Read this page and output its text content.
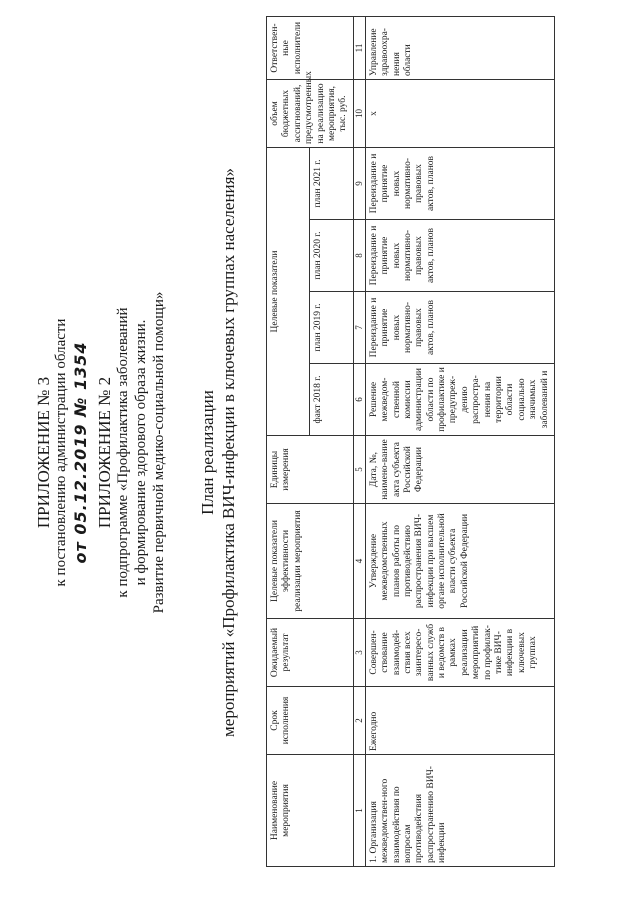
ПРИЛОЖЕНИЕ № 3 к постановлению администрации области от 05.12.2019 № 1354 ПРИЛОЖЕНИЕ № 2 к подпрограмме «Профилактика заболеваний и формирование здорового образа жизни. Развитие первичной медико-социальной помощи» План реализации мероприятий «Профилактика ВИЧ-инфекции в ключевых группах населения»
Наименование мероприятия	Срок исполнения	Ожидаемый результат	Целевые показатели эффективности реализации мероприятия	Единицы измерения	Целевые показатели				объем бюджетных ассигнований, предусмотренных на реализацию мероприятия, тыс. руб.	Ответствен-ные исполнители
					факт 2018 г.	план 2019 г.	план 2020 г.	план 2021 г.		
1	2	3	4	5	6	7	8	9	10	11
1. Организация межведомствен-ного взаимодействия по вопросам противодействия распространению ВИЧ-инфекции	Ежегодно	Совершен-ствование взаимодей-ствия всех заинтересо-ванных служб и ведомств в рамках реализации мероприятий по профилак-тике ВИЧ-инфекции в ключевых группах	Утверждение межведомственных планов работы по противодействию распространения ВИЧ-инфекции при высшем органе исполнительной власти субъекта Российской Федерации	Дата, №, наимено-вание акта субъекта Российской Федерации	Решение межведом-ственной комиссии администрации области по профилактике и предупреж-дению распростра-нения на территории области социально значимых заболеваний и	Переиздание и принятие новых нормативно-правовых актов, планов	Переиздание и принятие новых нормативно-правовых актов, планов	Переиздание и принятие новых нормативно-правовых актов, планов	х	Управление здравоохра-нения области
